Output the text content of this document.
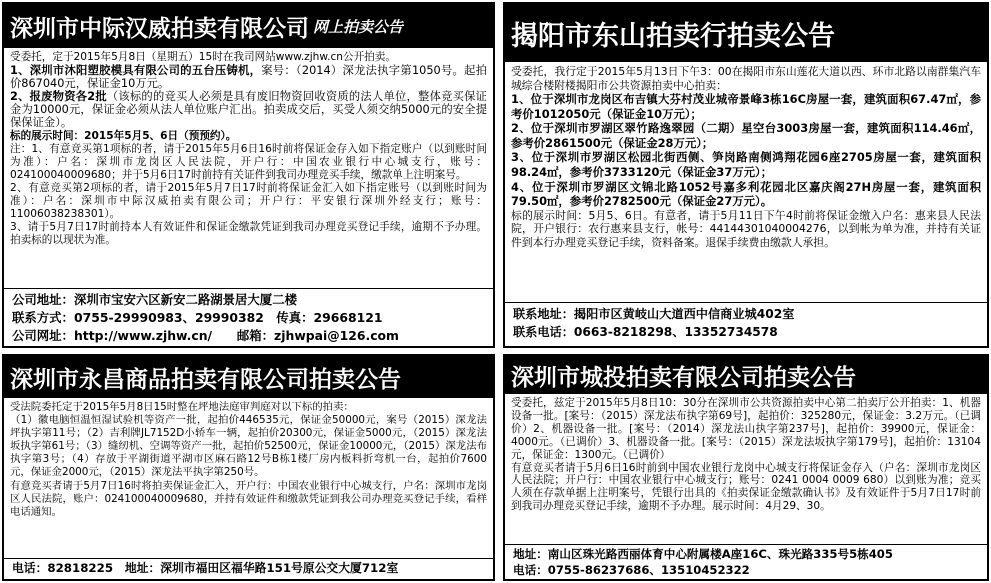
深圳市中际汉威拍卖有限公司 网上拍卖公告

受委托，定于2015年5月8日（星期五）15时在我司网站www.zjhw.cn公开拍卖。

1、深圳市沐阳塑胶模具有限公司的五台压铸机，案号：（2014）深龙法执字第1050号。起拍价867040元，保证金10万元。

2、报废物资各2批（该标的的竞买人必须是具有废旧物资回收资质的法人单位，整体竞买保证金为10000元，保证金必须从法人单位账户汇出。拍卖成交后，买受人须交纳5000元的安全提保保证金）。

标的展示时间：2015年5月5、6日（预预约）。

注：1、有意竞买第1项标的者，请于2015年5月6日16时前将保证金存入如下指定账户（以到账时间为准）：户名：深圳市龙岗区人民法院，开户行：中国农业银行中心城支行，账号：024100040009680；并于5月6日17时前持有关证件到我司办理竞买手续，缴款单上注明案号。

2、有意竞买第2项标的者，请于2015年5月7日17时前将保证金汇入如下指定账号（以到账时间为准）：户名：深圳市中际汉威拍卖有限公司；开户行：平安银行深圳外经支行；账号：11006038238301）。

3、请于5月7日17时前持本人有效证件和保证金缴款凭证到我司办理竞买登记手续，逾期不予办理。拍卖标的以现状为准。

公司地址：深圳市宝安六区新安二路湖景居大厦二楼
联系方式：0755-29990983、29990382　传真：29668121
公司网址：http://www.zjhw.cn/　　邮箱：zjhwpai@126.com
揭阳市东山拍卖行拍卖公告

受委托，我行定于2015年5月13日下午3：00在揭阳市东山莲花大道以西、环市北路以南群集汽车城综合楼附楼揭阳市公共资源拍卖中心拍卖：

1、位于深圳市龙岗区布吉镇大芬村茂业城帝景峰3栋16C房屋一套，建筑面积67.47㎡，参考价1012050元（保证金10万元）；

2、位于深圳市罗湖区翠竹路逸翠园（二期）星空台3003房屋一套，建筑面积114.46㎡，参考价2861500元（保证金28万元）；

3、位于深圳市罗湖区松园北街西侧、笋岗路南侧鸿翔花园6座2705房屋一套，建筑面积98.24㎡，参考价3733120元（保证金37万元）；

4、位于深圳市罗湖区文锦北路1052号嘉多利花园北区嘉庆阁27H房屋一套，建筑面积79.50㎡，参考价2782500元（保证金27万元）。

标的展示时间：5月5、6日。有意者，请于5月11日下午4时前将保证金缴入户名：惠来县人民法院，开户银行：农行惠来县支行，帐号：44144301040004276，以到帐为单为准，并持有关证件到本行办理竞买登记手续，资料备案。退保手续费由缴款人承担。

联系地址：揭阳市区黄岐山大道西中信商业城402室
联系电话：0663-8218298、13352734578
深圳市永昌商品拍卖有限公司拍卖公告

受法院委托定于2015年5月8日15时整在坪地法庭审判庭对以下标的拍卖：

（1）徽电脑恒温恒湿试验机等资产一批，起拍价446535元，保证金50000元，案号（2015）深龙法坪执字第11号；（2）吉利牌JL7152D小轿车一辆，起拍价20300元，保证金5000元，（2015）深龙法坂执字第61号；（3）缝纫机、空调等资产一批，起拍价52500元，保证金10000元，（2015）深龙法布执字第3号；（4）存放于平湖街道平湖市区麻石路12号B栋1楼厂房内板料折弯机一台，起拍价7600元，保证金2000元，（2015）深龙法平执字第250号。

有意竞买者请于5月7日16时将拍卖保证金汇入，开户行：中国农业银行中心城支行，户名：深圳市龙岗区人民法院，账户：024100040009680，并持有效证件和缴款凭证到我公司办理竞买登记手续，看样电话通知。

电话：82818225　地址：深圳市福田区福华路151号原公交大厦712室
深圳市城投拍卖有限公司拍卖公告

受委托，兹定于2015年5月8日10：30分在深圳市公共资源拍卖中心第二拍卖厅公开拍卖：1、机器设备一批。[案号：（2015）深龙法布执字第69号]，起拍价：325280元，保证金：3.2万元。（已调价）2、机器设备一批。[案号：（2014）深龙法山执字第237号]，起拍价：39900元，保证金：4000元。（已调价）3、机器设备一批。[案号：（2015）深龙法坂执字第179号]，起拍价：13104元，保证金：1300元。（已调价）

有意竞买者请于5月6日16时前到中国农业银行龙岗中心城支行将保证金存入（户名：深圳市龙岗区人民法院；开户行：中国农业银行中心城支行；账号：0241 0004 0009 680）以到账为准；竞买人须在存款单据上注明案号，凭银行出具的《拍卖保证金缴款确认书》及有效证件于5月7日17时前到我司办理竞买登记手续，逾期不予办理。展示时间：4月29、30。

地址：南山区珠光路西丽体育中心附属楼A座16C、珠光路335号5栋405
电话：0755-86237686、13510452322
